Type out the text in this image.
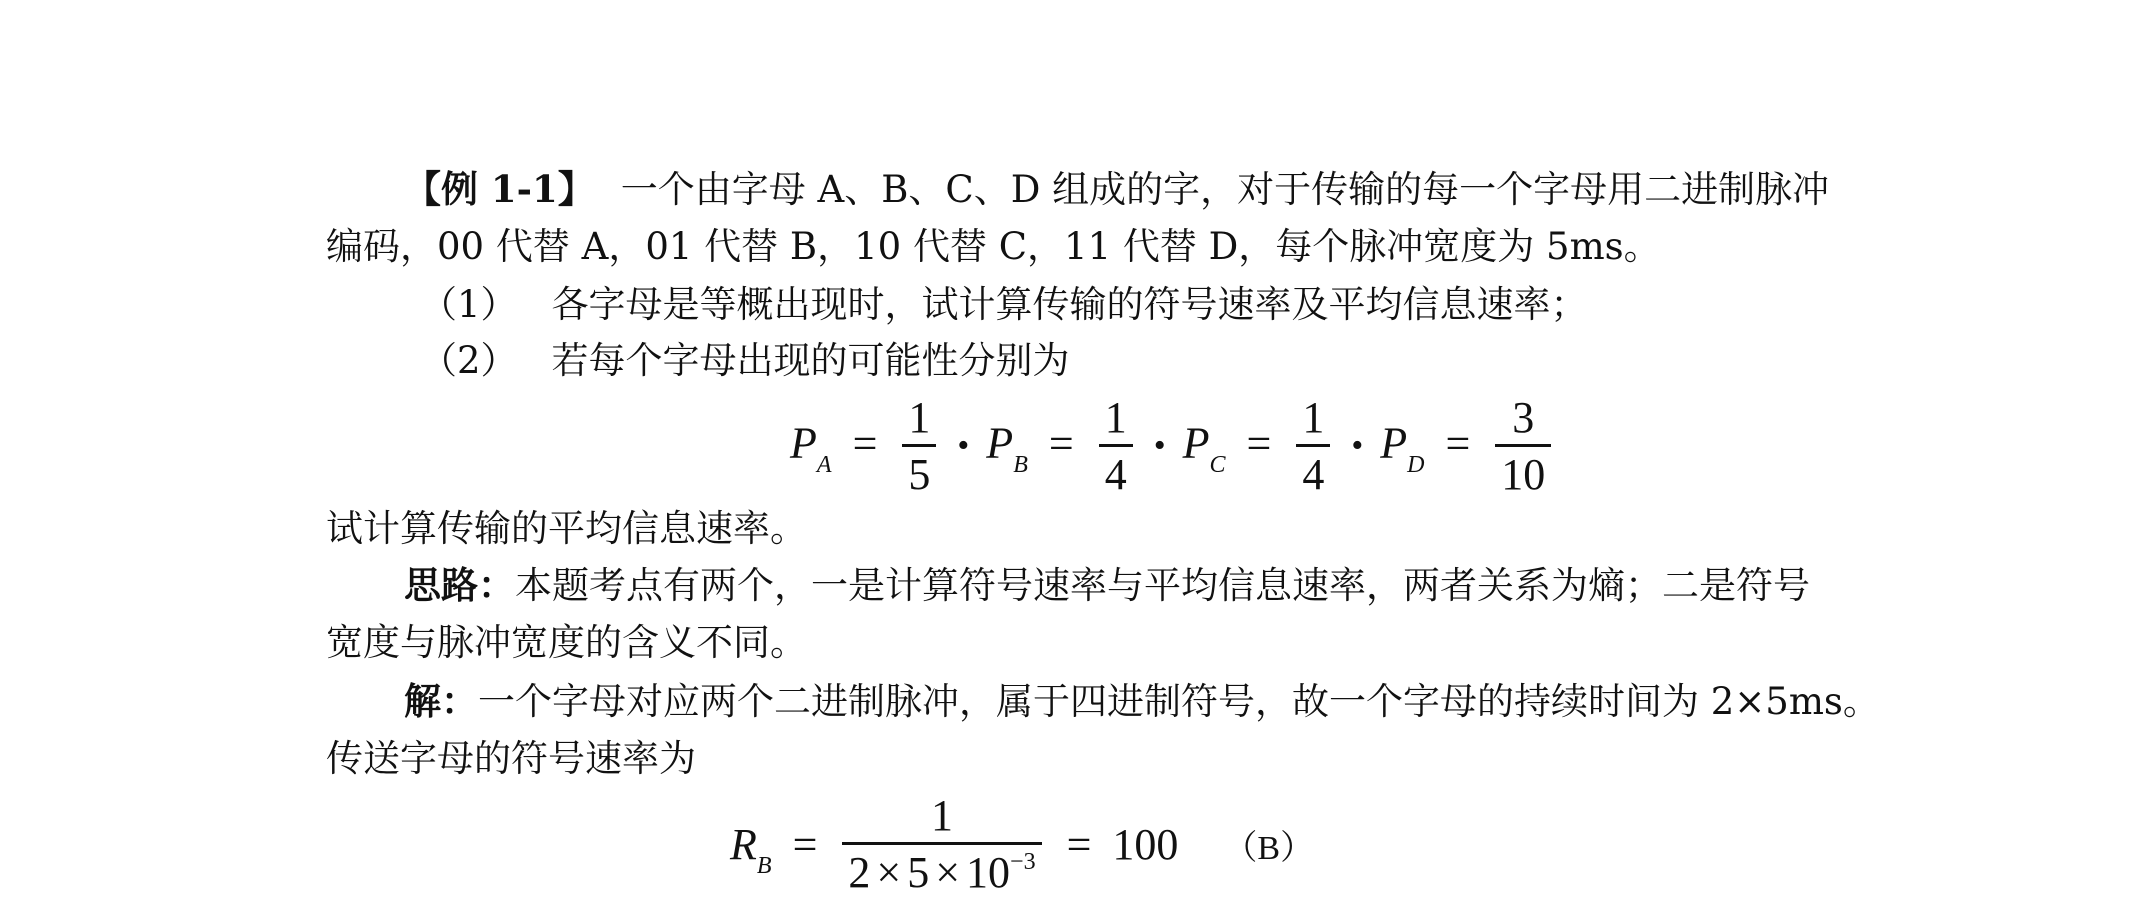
【例 1-1】 一个由字母 A、B、C、D 组成的字，对于传输的每一个字母用二进制脉冲
编码，00 代替 A，01 代替 B，10 代替 C，11 代替 D，每个脉冲宽度为 5ms。
（1） 各字母是等概出现时，试计算传输的符号速率及平均信息速率；
（2） 若每个字母出现的可能性分别为
$P_A = \frac{1}{5}$ • $P_B = \frac{1}{4}$ • $P_C = \frac{1}{4}$ • $P_D = \frac{3}{10}$
试计算传输的平均信息速率。
思路：本题考点有两个，一是计算符号速率与平均信息速率，两者关系为熵；二是符号
宽度与脉冲宽度的含义不同。
解：一个字母对应两个二进制脉冲，属于四进制符号，故一个字母的持续时间为 2×5ms。
传送字母的符号速率为
$R_B = \frac{1}{2 \times 5 \times 10^{-3}} = 100$ （B）
